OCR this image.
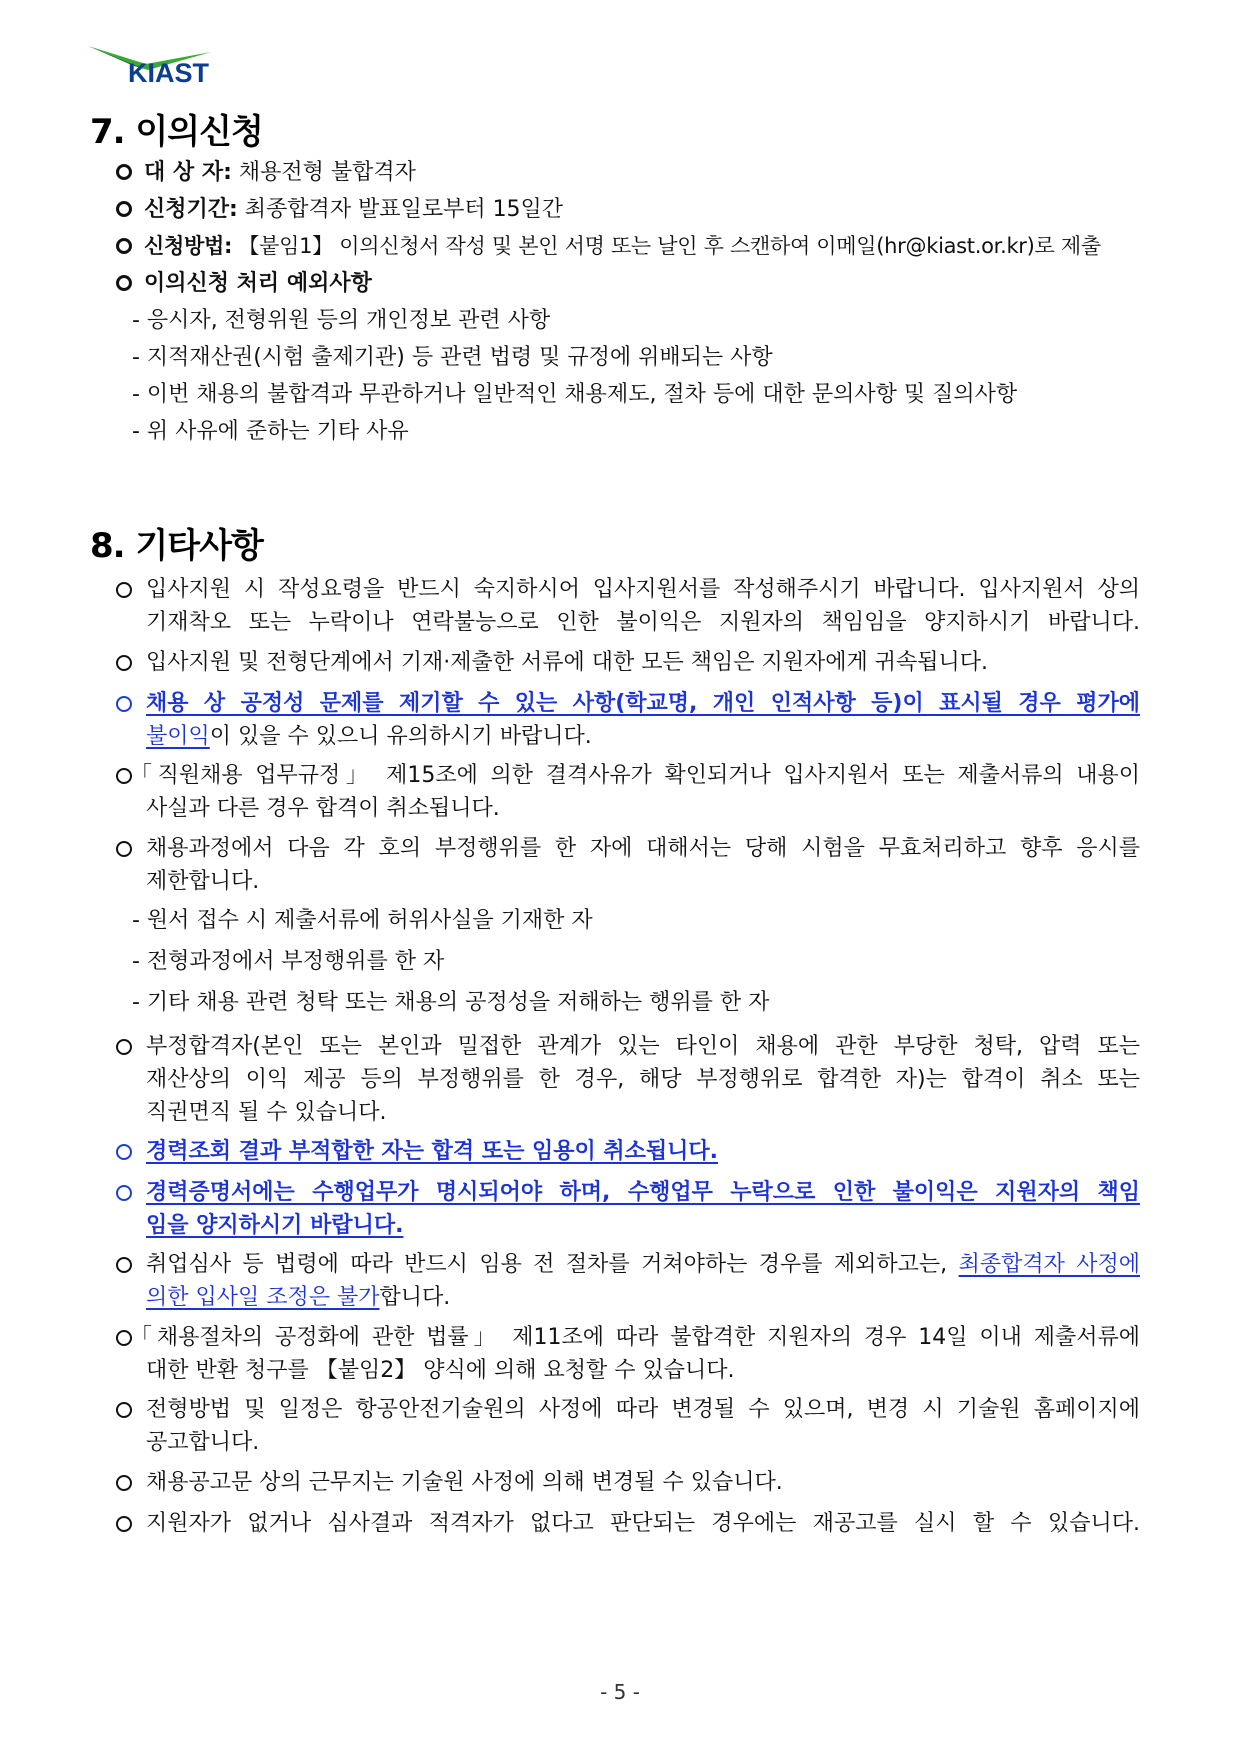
KIAST
7. 이의신청
대 상 자: 채용전형 불합격자
신청기간: 최종합격자 발표일로부터 15일간
신청방법: 【붙임1】 이의신청서 작성 및 본인 서명 또는 날인 후 스캔하여 이메일(hr@kiast.or.kr)로 제출
이의신청 처리 예외사항
- 응시자, 전형위원 등의 개인정보 관련 사항
- 지적재산권(시험 출제기관) 등 관련 법령 및 규정에 위배되는 사항
- 이번 채용의 불합격과 무관하거나 일반적인 채용제도, 절차 등에 대한 문의사항 및 질의사항
- 위 사유에 준하는 기타 사유
8. 기타사항
입사지원 시 작성요령을 반드시 숙지하시어 입사지원서를 작성해주시기 바랍니다. 입사지원서 상의
기재착오 또는 누락이나 연락불능으로 인한 불이익은 지원자의 책임임을 양지하시기 바랍니다.
입사지원 및 전형단계에서 기재·제출한 서류에 대한 모든 책임은 지원자에게 귀속됩니다.
채용 상 공정성 문제를 제기할 수 있는 사항(학교명, 개인 인적사항 등)이 표시될 경우 평가에
불이익이 있을 수 있으니 유의하시기 바랍니다.
「직원채용 업무규정」 제15조에 의한 결격사유가 확인되거나 입사지원서 또는 제출서류의 내용이
사실과 다른 경우 합격이 취소됩니다.
채용과정에서 다음 각 호의 부정행위를 한 자에 대해서는 당해 시험을 무효처리하고 향후 응시를
제한합니다.
- 원서 접수 시 제출서류에 허위사실을 기재한 자
- 전형과정에서 부정행위를 한 자
- 기타 채용 관련 청탁 또는 채용의 공정성을 저해하는 행위를 한 자
부정합격자(본인 또는 본인과 밀접한 관계가 있는 타인이 채용에 관한 부당한 청탁, 압력 또는
재산상의 이익 제공 등의 부정행위를 한 경우, 해당 부정행위로 합격한 자)는 합격이 취소 또는
직권면직 될 수 있습니다.
경력조회 결과 부적합한 자는 합격 또는 임용이 취소됩니다.
경력증명서에는 수행업무가 명시되어야 하며, 수행업무 누락으로 인한 불이익은 지원자의 책임
임을 양지하시기 바랍니다.
취업심사 등 법령에 따라 반드시 임용 전 절차를 거쳐야하는 경우를 제외하고는, 최종합격자 사정에
의한 입사일 조정은 불가합니다.
「채용절차의 공정화에 관한 법률」 제11조에 따라 불합격한 지원자의 경우 14일 이내 제출서류에
대한 반환 청구를 【붙임2】 양식에 의해 요청할 수 있습니다.
전형방법 및 일정은 항공안전기술원의 사정에 따라 변경될 수 있으며, 변경 시 기술원 홈페이지에
공고합니다.
채용공고문 상의 근무지는 기술원 사정에 의해 변경될 수 있습니다.
지원자가 없거나 심사결과 적격자가 없다고 판단되는 경우에는 재공고를 실시 할 수 있습니다.
- 5 -
